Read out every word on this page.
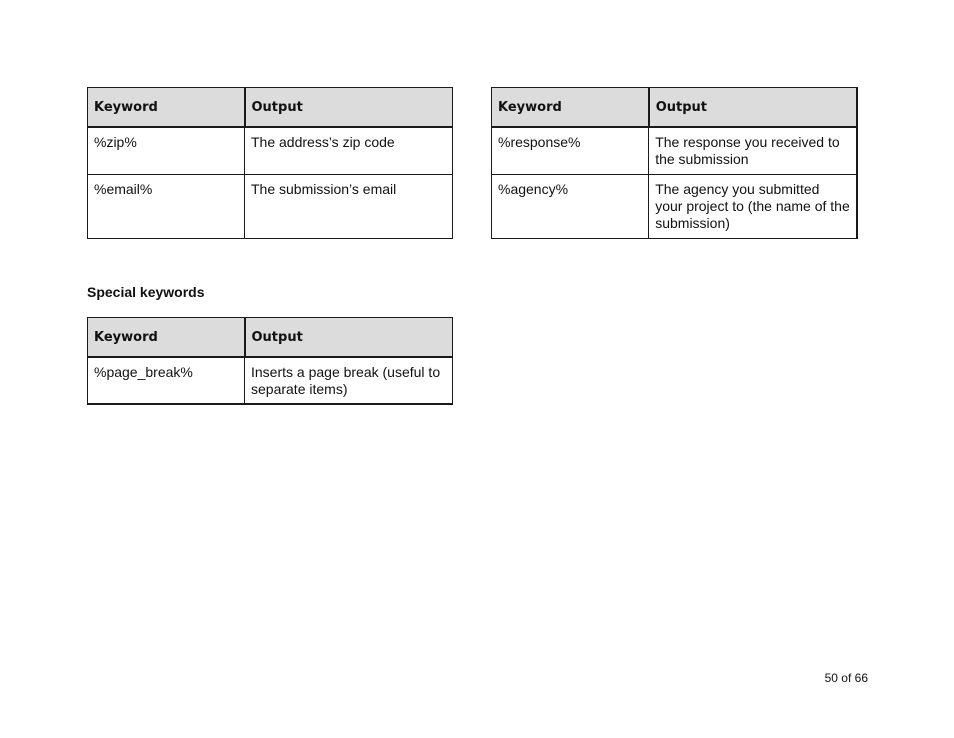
Keyword	Output
%zip%	The address’s zip code
%email%	The submission’s email
Keyword	Output
%response%	The response you received to the submission
%agency%	The agency you submitted your project to (the name of the submission)
Special keywords
Keyword	Output
%page_break%	Inserts a page break (useful to separate items)
50 of 66
